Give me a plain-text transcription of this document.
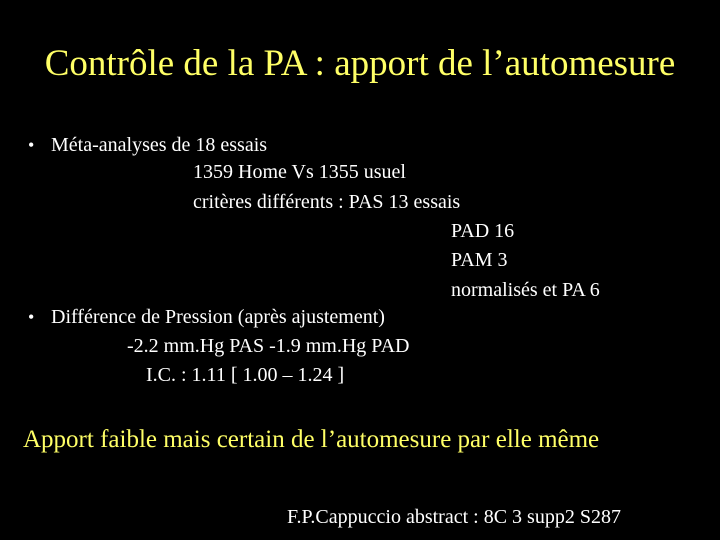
Contrôle de la PA : apport de l’automesure
• Méta-analyses de 18 essais
1359 Home Vs 1355 usuel
critères différents : PAS 13 essais
PAD 16
PAM 3
normalisés et PA 6
• Différence de Pression (après ajustement)
-2.2 mm.Hg PAS -1.9 mm.Hg PAD
I.C. : 1.11 [ 1.00 – 1.24 ]
Apport faible mais certain de l’automesure par elle même
F.P.Cappuccio abstract : 8C 3 supp2 S287
